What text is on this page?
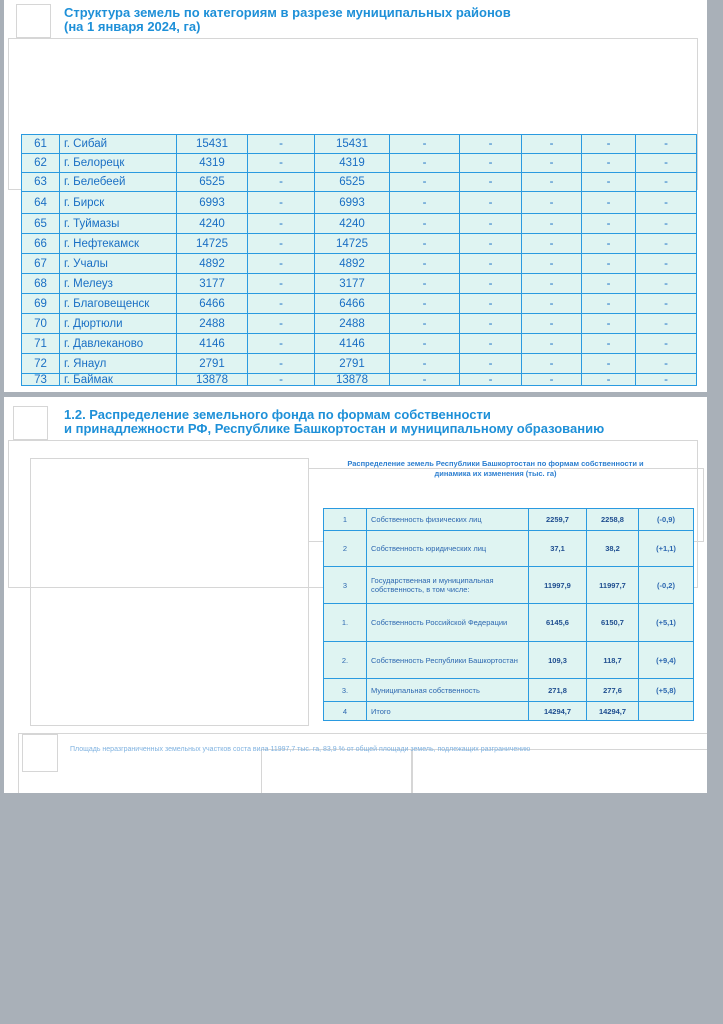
Структура земель по категориям в разрезе муниципальных районов
(на 1 января 2024, га)

61	г. Сибай	15431	-	15431	-	-	-	-	-
62	г. Белорецк	4319	-	4319	-	-	-	-	-
63	г. Белебеей	6525	-	6525	-	-	-	-	-
64	г. Бирск	6993	-	6993	-	-	-	-	-
65	г. Туймазы	4240	-	4240	-	-	-	-	-
66	г. Нефтекамск	14725	-	14725	-	-	-	-	-
67	г. Учалы	4892	-	4892	-	-	-	-	-
68	г. Мелеуз	3177	-	3177	-	-	-	-	-
69	г. Благовещенск	6466	-	6466	-	-	-	-	-
70	г. Дюртюли	2488	-	2488	-	-	-	-	-
71	г. Давлеканово	4146	-	4146	-	-	-	-	-
72	г. Янаул	2791	-	2791	-	-	-	-	-
73	г. Баймак	13878	-	13878	-	-	-	-	-

1.2. Распределение земельного фонда по формам собственности
и принадлежности РФ, Республике Башкортостан и муниципальному образованию

Распределение земель Республики Башкортостан по формам собственности и
динамика их изменения (тыс. га)
1	Собственность физических лиц	2259,7	2258,8	(-0,9)
2	Собственность юридических лиц	37,1	38,2	(+1,1)
3	Государственная и муниципальная собственность, в том числе:	11997,9	11997,7	(-0,2)
1.	Собственность Российской Федерации	6145,6	6150,7	(+5,1)
2.	Собственность Республики Башкортостан	109,3	118,7	(+9,4)
3.	Муниципальная собственность	271,8	277,6	(+5,8)
4	Итого	14294,7	14294,7	
Площадь неразграниченных земельных участков соста вила 11997,7 тыс. га, 83,9 % от общей площади земель, подлежащих разграничению
